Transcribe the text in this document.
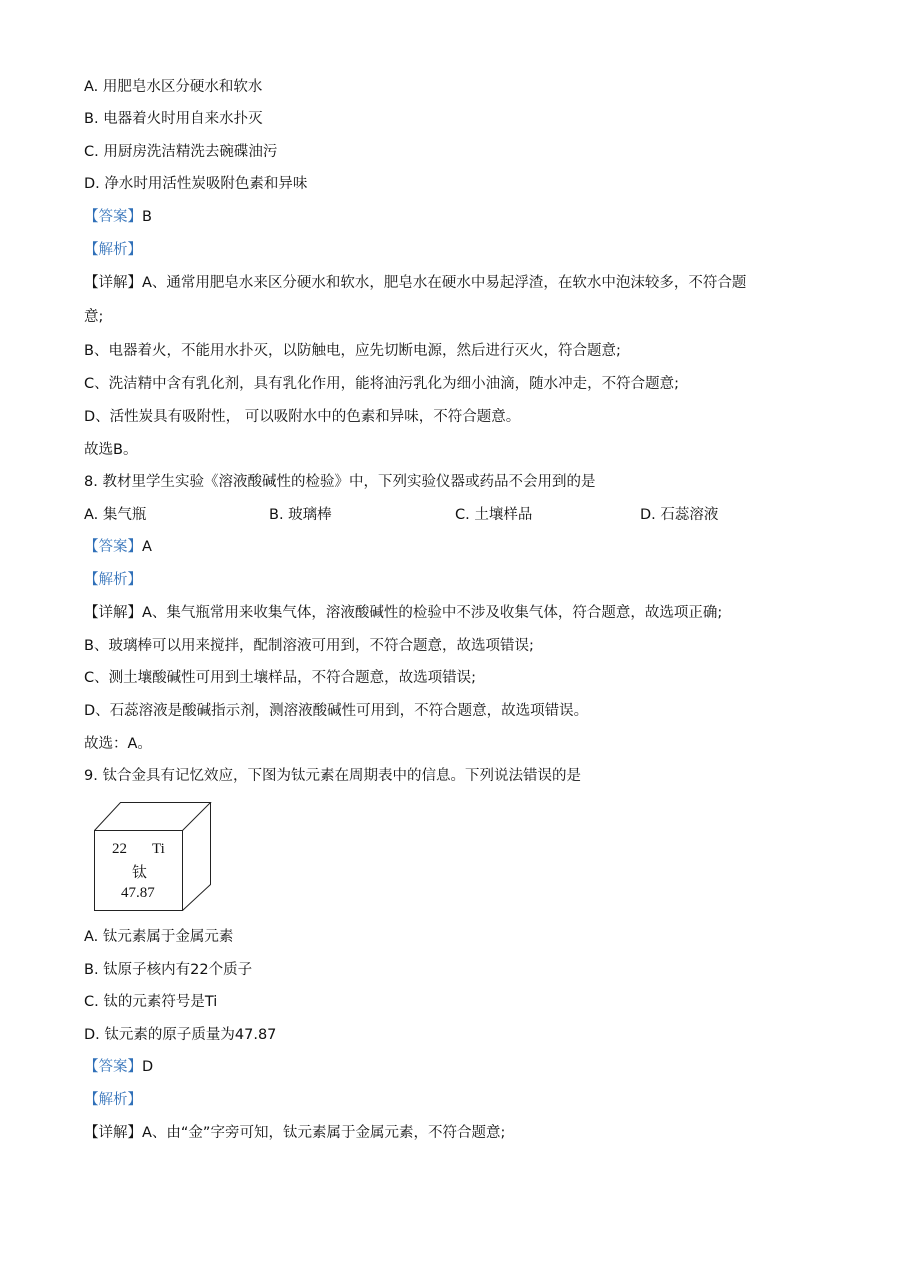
A. 用肥皂水区分硬水和软水
B. 电器着火时用自来水扑灭
C. 用厨房洗洁精洗去碗碟油污
D. 净水时用活性炭吸附色素和异味
【答案】B
【解析】
【详解】A、通常用肥皂水来区分硬水和软水，肥皂水在硬水中易起浮渣，在软水中泡沫较多，不符合题
意;
B、电器着火，不能用水扑灭，以防触电，应先切断电源，然后进行灭火，符合题意;
C、洗洁精中含有乳化剂，具有乳化作用，能将油污乳化为细小油滴，随水冲走，不符合题意;
D、活性炭具有吸附性， 可以吸附水中的色素和异味，不符合题意。
故选B。
8. 教材里学生实验《溶液酸碱性的检验》中，下列实验仪器或药品不会用到的是
A. 集气瓶	B. 玻璃棒	C. 土壤样品	D. 石蕊溶液
【答案】A
【解析】
【详解】A、集气瓶常用来收集气体，溶液酸碱性的检验中不涉及收集气体，符合题意，故选项正确;
B、玻璃棒可以用来搅拌，配制溶液可用到，不符合题意，故选项错误;
C、测土壤酸碱性可用到土壤样品，不符合题意，故选项错误;
D、石蕊溶液是酸碱指示剂，测溶液酸碱性可用到，不符合题意，故选项错误。
故选：A。
9. 钛合金具有记忆效应，下图为钛元素在周期表中的信息。下列说法错误的是
22 Ti
钛
47.87
A. 钛元素属于金属元素
B. 钛原子核内有22个质子
C. 钛的元素符号是Ti
D. 钛元素的原子质量为47.87
【答案】D
【解析】
【详解】A、由“金”字旁可知，钛元素属于金属元素，不符合题意;
